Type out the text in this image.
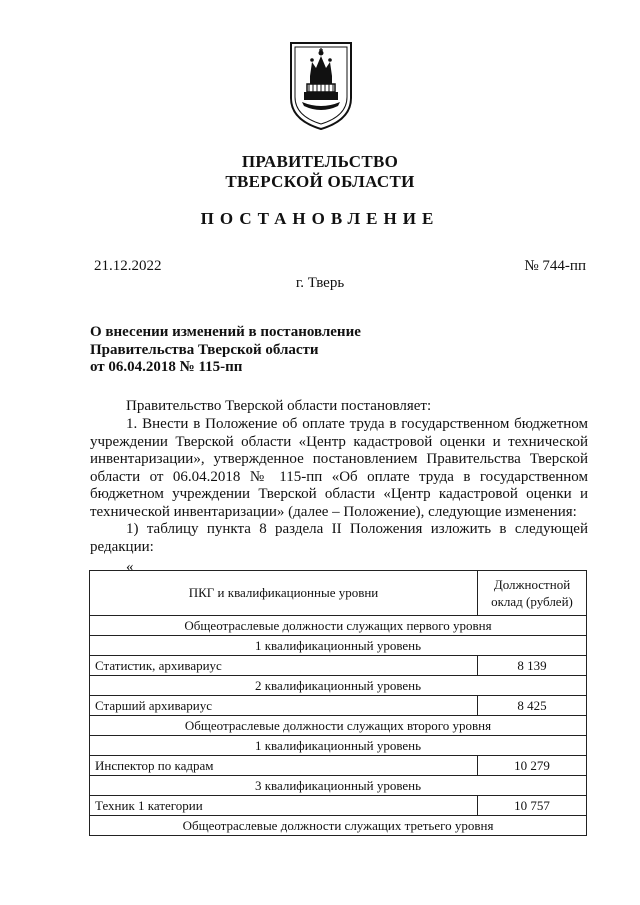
ПРАВИТЕЛЬСТВО
ТВЕРСКОЙ ОБЛАСТИ
ПОСТАНОВЛЕНИЕ
21.12.2022	№ 744-пп
г. Тверь
О внесении изменений в постановление
Правительства Тверской области
от 06.04.2018 № 115-пп
Правительство Тверской области постановляет:
1. Внести в Положение об оплате труда в государственном бюджетном учреждении Тверской области «Центр кадастровой оценки и технической инвентаризации», утвержденное постановлением Правительства Тверской области от 06.04.2018 № 115-пп «Об оплате труда в государственном бюджетном учреждении Тверской области «Центр кадастровой оценки и технической инвентаризации» (далее – Положение), следующие изменения:
1) таблицу пункта 8 раздела II Положения изложить в следующей редакции:
«
ПКГ и квалификационные уровни	Должностной оклад (рублей)
Общеотраслевые должности служащих первого уровня	
1 квалификационный уровень	
Статистик, архивариус	8 139
2 квалификационный уровень	
Старший архивариус	8 425
Общеотраслевые должности служащих второго уровня	
1 квалификационный уровень	
Инспектор по кадрам	10 279
3 квалификационный уровень	
Техник 1 категории	10 757
Общеотраслевые должности служащих третьего уровня	
